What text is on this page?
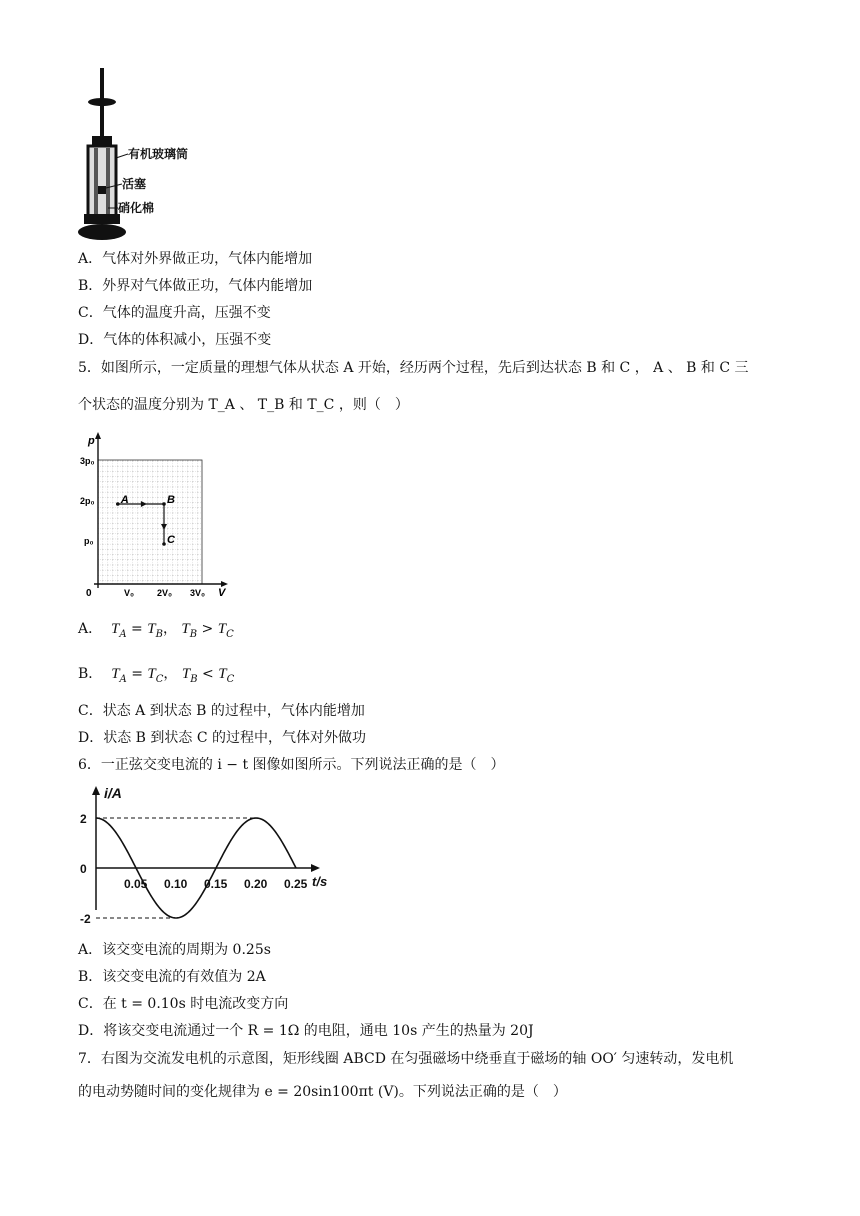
有机玻璃筒
活塞
硝化棉
A．气体对外界做正功，气体内能增加
B．外界对气体做正功，气体内能增加
C．气体的温度升高，压强不变
D．气体的体积减小，压强不变
5．如图所示，一定质量的理想气体从状态 A 开始，经历两个过程，先后到达状态 B 和 C ， A 、 B 和 C 三
个状态的温度分别为 T_A 、 T_B 和 T_C ，则（　）
p
V
0
3p₀
2p₀
p₀
V₀	2V₀ 3V₀
A	B
C
A． $T_A = T_B$， $T_B > T_C$
B． $T_A = T_C$， $T_B < T_C$
C．状态 A 到状态 B 的过程中，气体内能增加
D．状态 B 到状态 C 的过程中，气体对外做功
6．一正弦交变电流的 i − t 图像如图所示。下列说法正确的是（　）
0.05 0.10 0.15 0.20 0.25
2
0
-2
i/A
t/s
A．该交变电流的周期为 0.25s
B．该交变电流的有效值为 2A
C．在 t = 0.10s 时电流改变方向
D．将该交变电流通过一个 R = 1Ω 的电阻，通电 10s 产生的热量为 20J
7．右图为交流发电机的示意图，矩形线圈 ABCD 在匀强磁场中绕垂直于磁场的轴 OO′ 匀速转动，发电机
的电动势随时间的变化规律为 e = 20sin100πt (V)。下列说法正确的是（　）
